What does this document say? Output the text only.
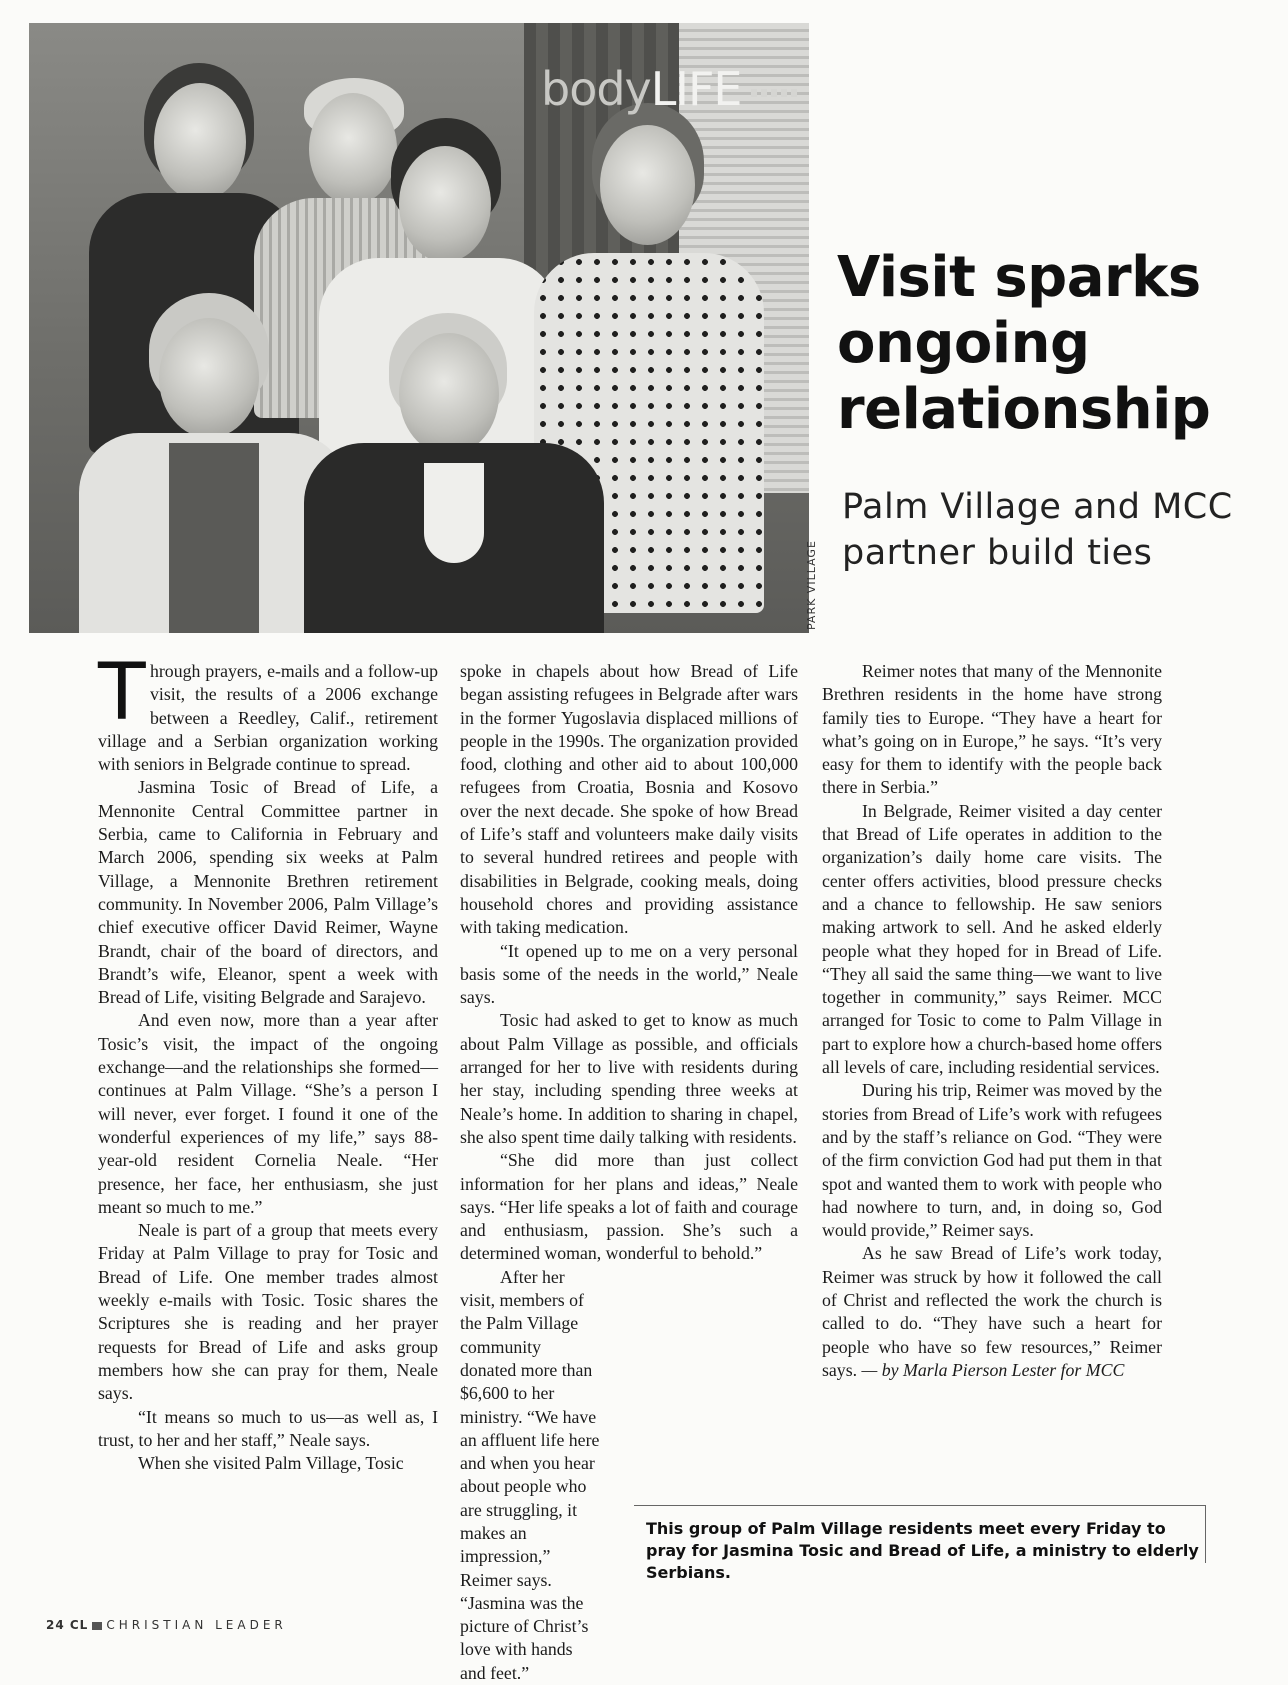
bodyLIFE
PARK VILLAGE
Visit sparks ongoing relationship
Palm Village and MCC partner build ties

Through prayers, e-mails and a follow-up visit, the results of a 2006 exchange between a Reedley, Calif., retirement village and a Serbian organization working with seniors in Belgrade continue to spread.

Jasmina Tosic of Bread of Life, a Mennonite Central Committee partner in Serbia, came to California in February and March 2006, spending six weeks at Palm Village, a Mennonite Brethren retirement community. In November 2006, Palm Village’s chief executive officer David Reimer, Wayne Brandt, chair of the board of directors, and Brandt’s wife, Eleanor, spent a week with Bread of Life, visiting Belgrade and Sarajevo.

And even now, more than a year after Tosic’s visit, the impact of the ongoing exchange—and the relationships she formed—continues at Palm Village. “She’s a person I will never, ever forget. I found it one of the wonderful experiences of my life,” says 88-year-old resident Cornelia Neale. “Her presence, her face, her enthusiasm, she just meant so much to me.”

Neale is part of a group that meets every Friday at Palm Village to pray for Tosic and Bread of Life. One member trades almost weekly e-mails with Tosic. Tosic shares the Scriptures she is reading and her prayer requests for Bread of Life and asks group members how she can pray for them, Neale says.

“It means so much to us—as well as, I trust, to her and her staff,” Neale says.

When she visited Palm Village, Tosic

spoke in chapels about how Bread of Life began assisting refugees in Belgrade after wars in the former Yugoslavia displaced millions of people in the 1990s. The organization provided food, clothing and other aid to about 100,000 refugees from Croatia, Bosnia and Kosovo over the next decade. She spoke of how Bread of Life’s staff and volunteers make daily visits to several hundred retirees and people with disabilities in Belgrade, cooking meals, doing household chores and providing assistance with taking medication.

“It opened up to me on a very personal basis some of the needs in the world,” Neale says.

Tosic had asked to get to know as much about Palm Village as possible, and officials arranged for her to live with residents during her stay, including spending three weeks at Neale’s home. In addition to sharing in chapel, she also spent time daily talking with residents.

“She did more than just collect information for her plans and ideas,” Neale says. “Her life speaks a lot of faith and courage and enthusiasm, passion. She’s such a determined woman, wonderful to behold.”

After her visit, members of the Palm Village community donated more than $6,600 to her ministry. “We have an affluent life here and when you hear about people who are struggling, it makes an impression,” Reimer says. “Jasmina was the picture of Christ’s love with hands and feet.”

Reimer notes that many of the Mennonite Brethren residents in the home have strong family ties to Europe. “They have a heart for what’s going on in Europe,” he says. “It’s very easy for them to identify with the people back there in Serbia.”

In Belgrade, Reimer visited a day center that Bread of Life operates in addition to the organization’s daily home care visits. The center offers activities, blood pressure checks and a chance to fellowship. He saw seniors making artwork to sell. And he asked elderly people what they hoped for in Bread of Life. “They all said the same thing—we want to live together in community,” says Reimer. MCC arranged for Tosic to come to Palm Village in part to explore how a church-based home offers all levels of care, including residential services.

During his trip, Reimer was moved by the stories from Bread of Life’s work with refugees and by the staff’s reliance on God. “They were of the firm conviction God had put them in that spot and wanted them to work with people who had nowhere to turn, and, in doing so, God would provide,” Reimer says.

As he saw Bread of Life’s work today, Reimer was struck by how it followed the call of Christ and reflected the work the church is called to do. “They have such a heart for people who have so few resources,” Reimer says. — by Marla Pierson Lester for MCC

This group of Palm Village residents meet every Friday to pray for Jasmina Tosic and Bread of Life, a ministry to elderly Serbians.
24 CL CHRISTIAN LEADER
